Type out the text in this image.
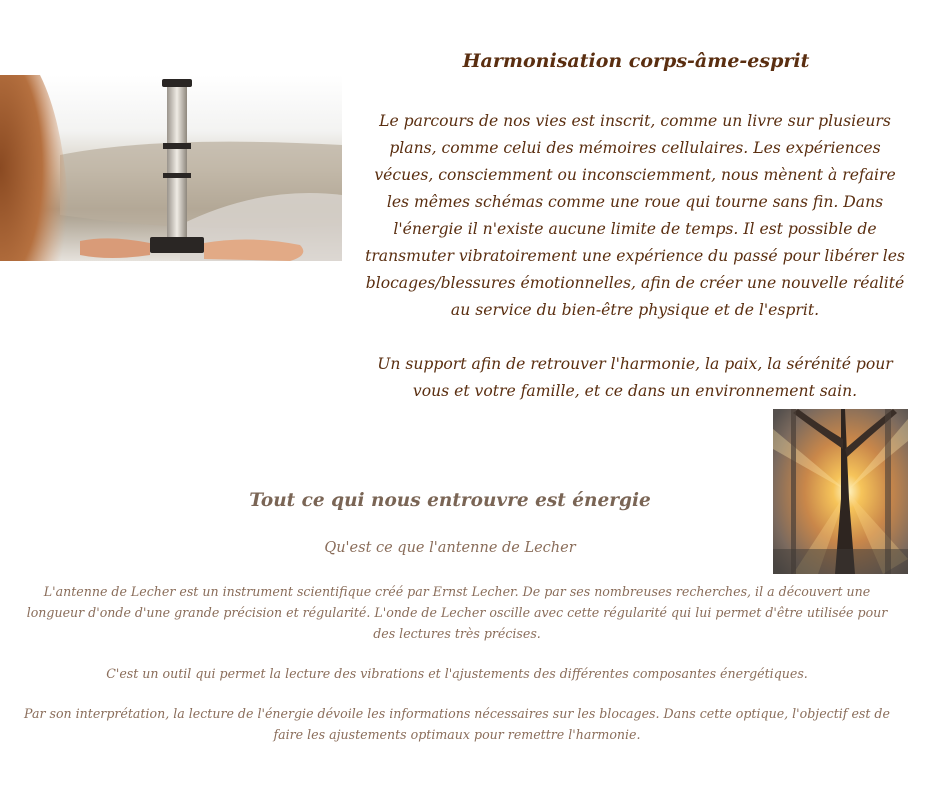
Harmonisation corps-âme-esprit

Le parcours de nos vies est inscrit, comme un livre sur plusieurs plans, comme celui des mémoires cellulaires. Les expériences vécues, consciemment ou inconsciemment, nous mènent à refaire les mêmes schémas comme une roue qui tourne sans fin. Dans l'énergie il n'existe aucune limite de temps. Il est possible de transmuter vibratoirement une expérience du passé pour libérer les blocages/blessures émotionnelles, afin de créer une nouvelle réalité au service du bien-être physique et de l'esprit.

Un support afin de retrouver l'harmonie, la paix, la sérénité pour vous et votre famille, et ce dans un environnement sain.

Tout ce qui nous entrouvre est énergie

Qu'est ce que l'antenne de Lecher

L'antenne de Lecher est un instrument scientifique créé par Ernst Lecher. De par ses nombreuses recherches, il a découvert une longueur d'onde d'une grande précision et régularité. L'onde de Lecher oscille avec cette régularité qui lui permet d'être utilisée pour des lectures très précises.

C'est un outil qui permet la lecture des vibrations et l'ajustements des différentes composantes énergétiques.

Par son interprétation, la lecture de l'énergie dévoile les informations nécessaires sur les blocages. Dans cette optique, l'objectif est de faire les ajustements optimaux pour remettre l'harmonie.
